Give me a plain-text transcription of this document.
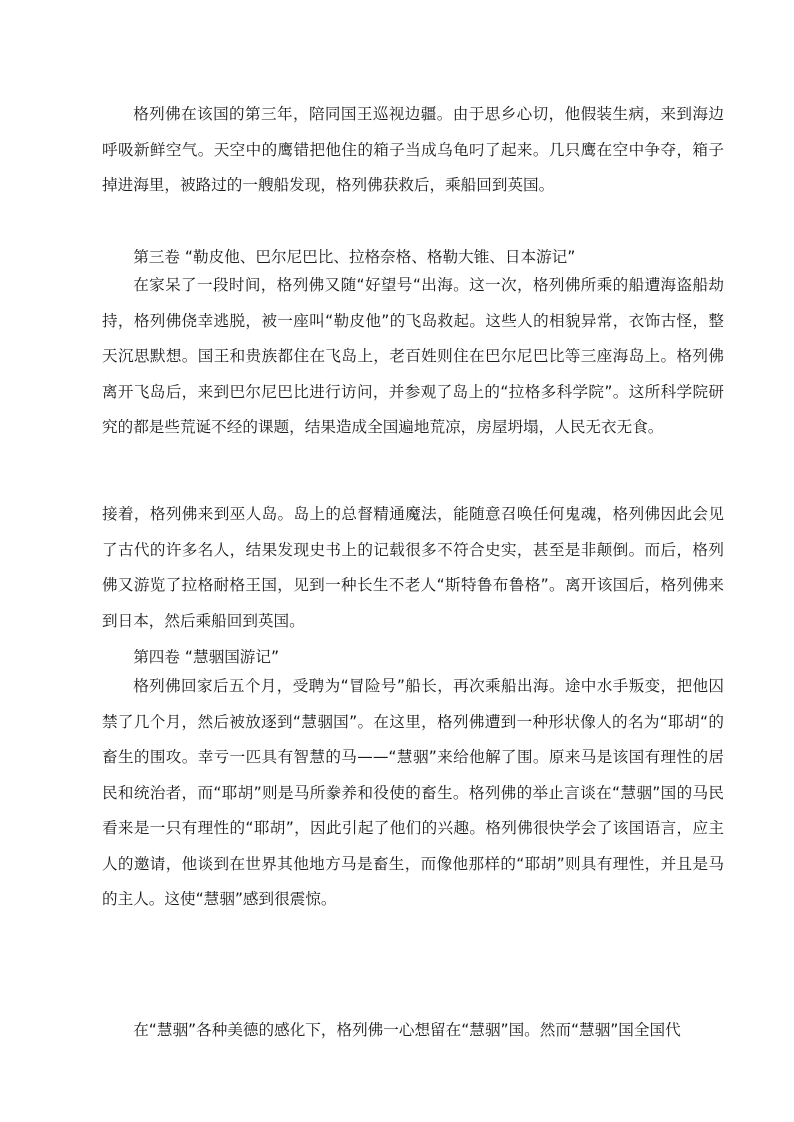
格列佛在该国的第三年，陪同国王巡视边疆。由于思乡心切，他假装生病，来到海边呼吸新鲜空气。天空中的鹰错把他住的箱子当成乌龟叼了起来。几只鹰在空中争夺，箱子掉进海里，被路过的一艘船发现，格列佛获救后，乘船回到英国。

第三卷 “勒皮他、巴尔尼巴比、拉格奈格、格勒大锥、日本游记”

在家呆了一段时间，格列佛又随“好望号“出海。这一次，格列佛所乘的船遭海盗船劫持，格列佛侥幸逃脱，被一座叫“勒皮他”的飞岛救起。这些人的相貌异常，衣饰古怪，整天沉思默想。国王和贵族都住在飞岛上，老百姓则住在巴尔尼巴比等三座海岛上。格列佛离开飞岛后，来到巴尔尼巴比进行访问，并参观了岛上的“拉格多科学院”。这所科学院研究的都是些荒诞不经的课题，结果造成全国遍地荒凉，房屋坍塌，人民无衣无食。

接着，格列佛来到巫人岛。岛上的总督精通魔法，能随意召唤任何鬼魂，格列佛因此会见了古代的许多名人，结果发现史书上的记载很多不符合史实，甚至是非颠倒。而后，格列佛又游览了拉格耐格王国，见到一种长生不老人“斯特鲁布鲁格”。离开该国后，格列佛来到日本，然后乘船回到英国。

第四卷 “慧骃国游记”

格列佛回家后五个月，受聘为“冒险号”船长，再次乘船出海。途中水手叛变，把他囚禁了几个月，然后被放逐到“慧骃国”。在这里，格列佛遭到一种形状像人的名为“耶胡“的畜生的围攻。幸亏一匹具有智慧的马——“慧骃”来给他解了围。原来马是该国有理性的居民和统治者，而“耶胡”则是马所豢养和役使的畜生。格列佛的举止言谈在“慧骃”国的马民看来是一只有理性的“耶胡”，因此引起了他们的兴趣。格列佛很快学会了该国语言，应主人的邀请，他谈到在世界其他地方马是畜生，而像他那样的“耶胡”则具有理性，并且是马的主人。这使“慧骃”感到很震惊。

在“慧骃”各种美德的感化下，格列佛一心想留在“慧骃”国。然而“慧骃”国全国代
